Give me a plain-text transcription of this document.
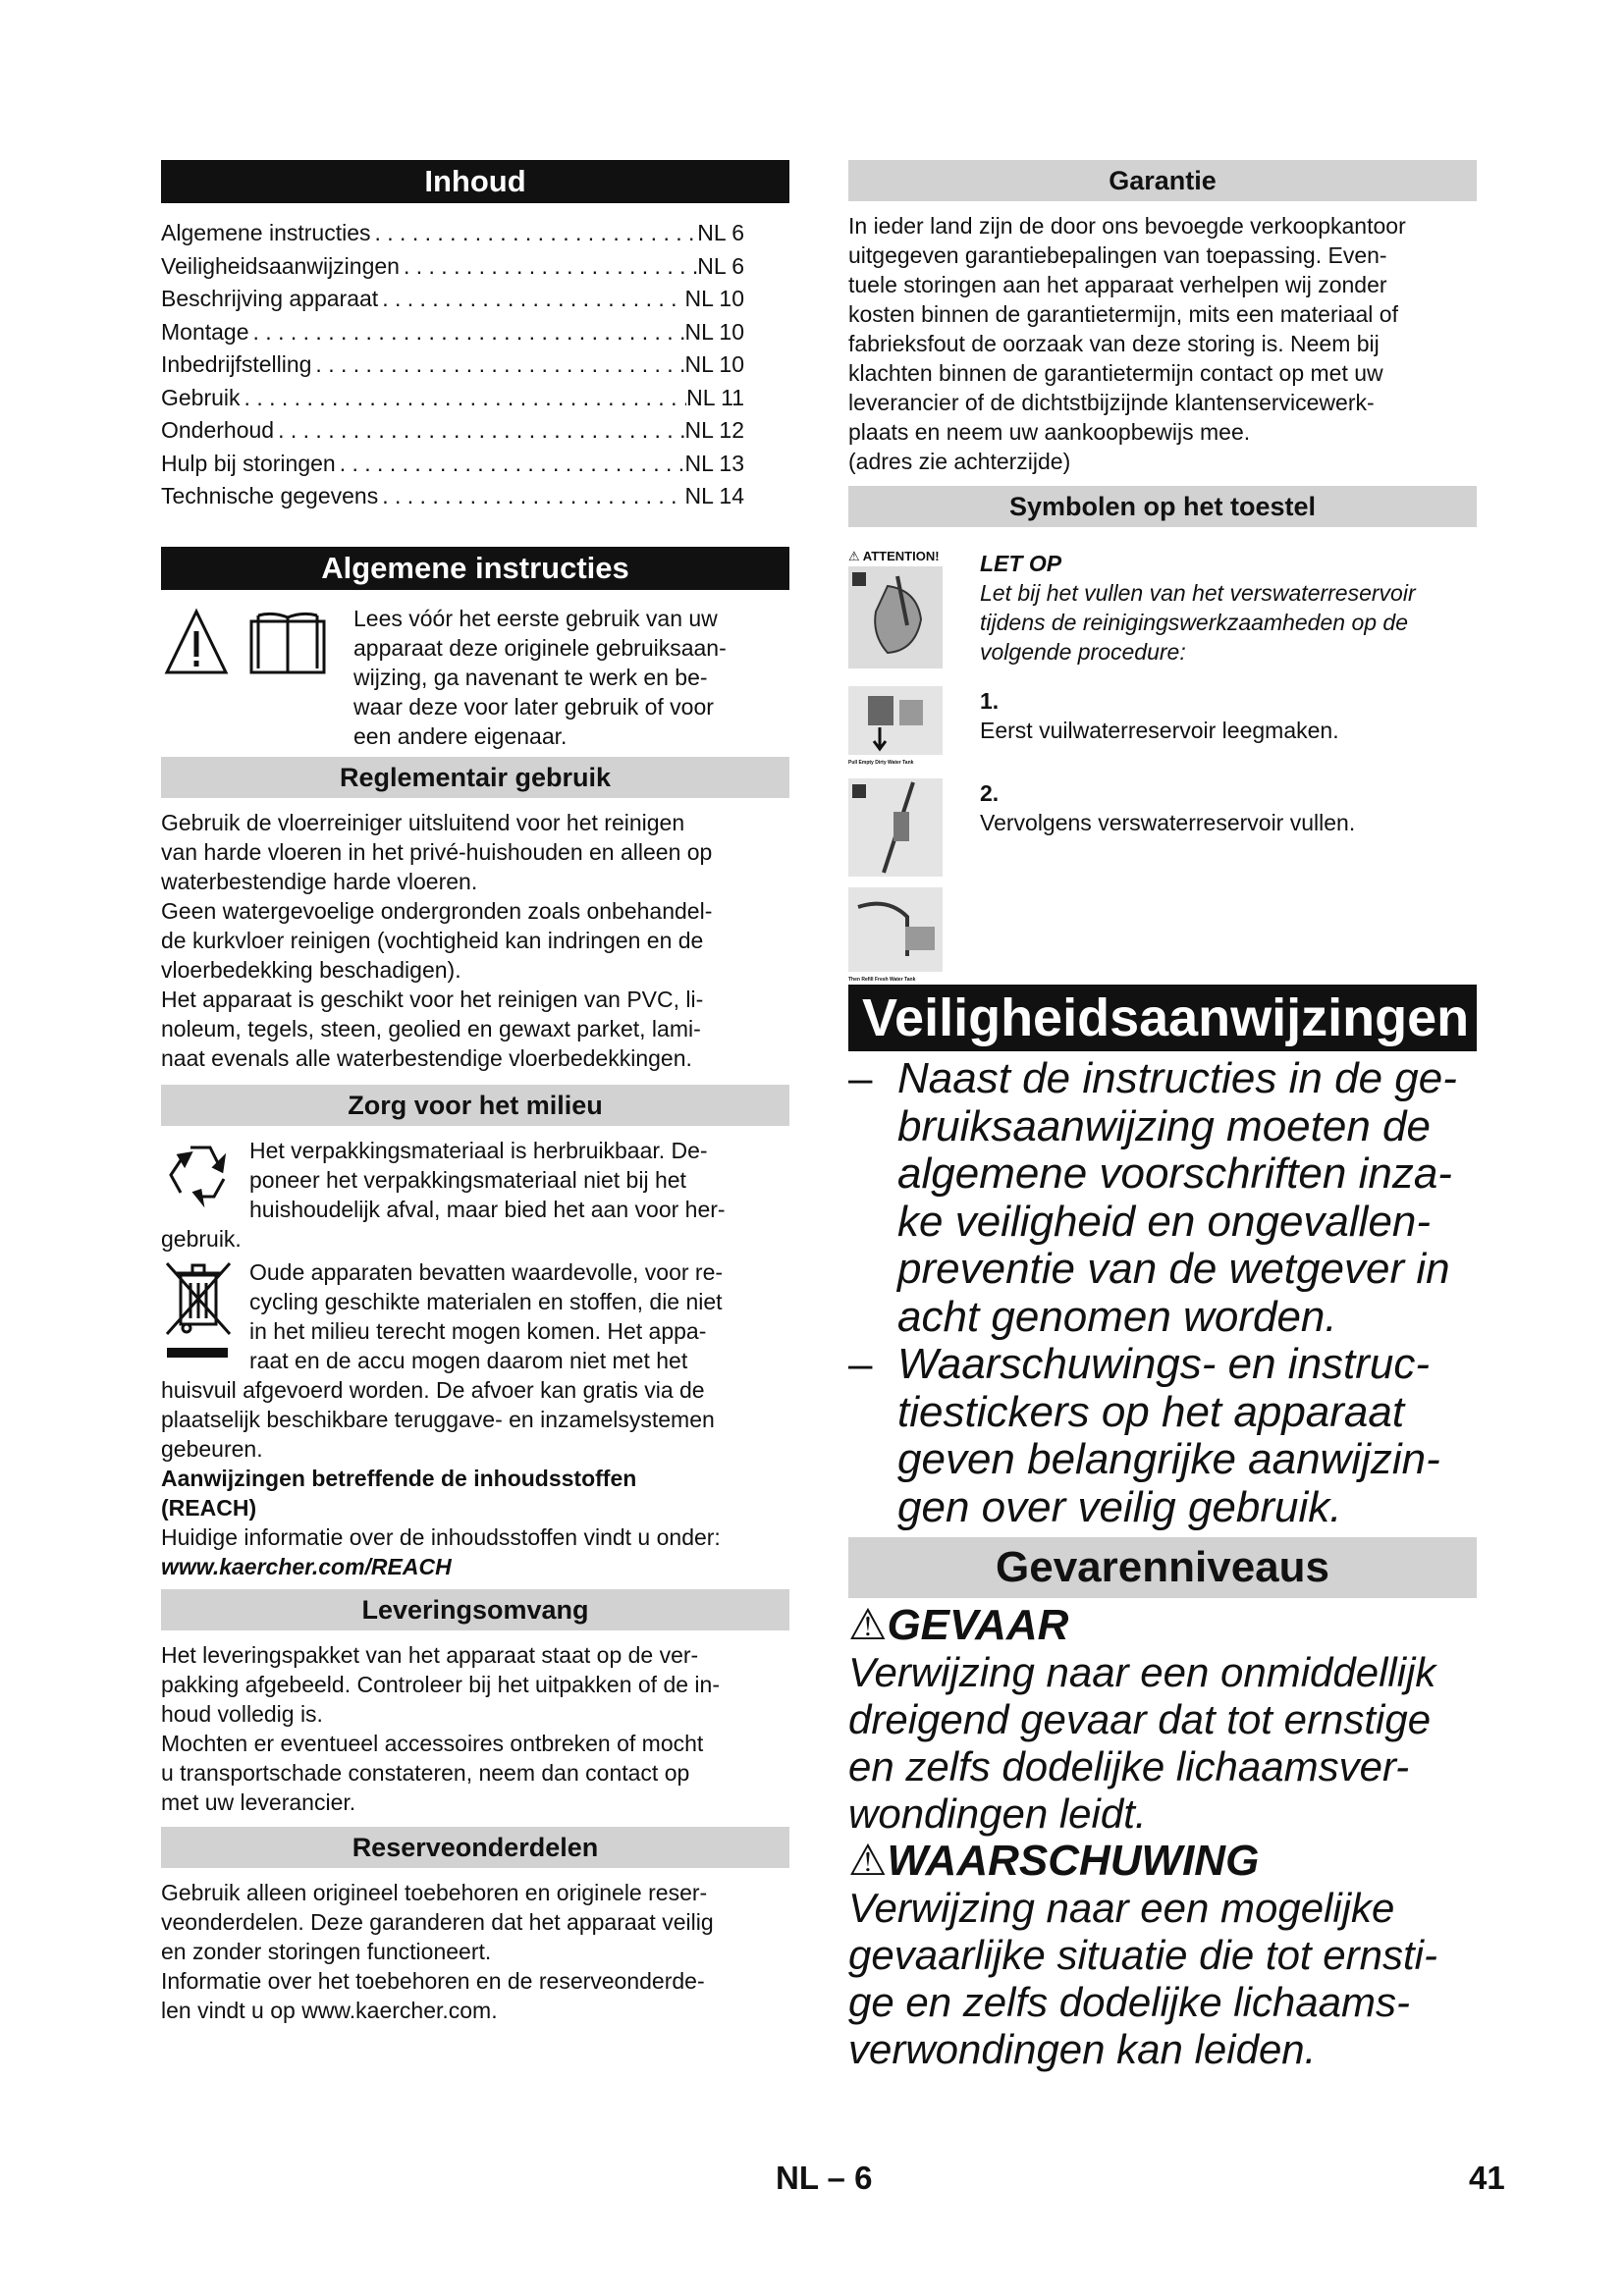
Inhoud
Algemene instructies . . .	NL 6
Veiligheidsaanwijzingen . . .	NL 6
Beschrijving apparaat . . .	NL 10
Montage . . .	NL 10
Inbedrijfstelling . . .	NL 10
Gebruik . . .	NL 11
Onderhoud . . .	NL 12
Hulp bij storingen . . .	NL 13
Technische gegevens . . .	NL 14
Algemene instructies

Lees vóór het eerste gebruik van uw

apparaat deze originele gebruiksaan-

wijzing, ga navenant te werk en be-

waar deze voor later gebruik of voor

een andere eigenaar.

Reglementair gebruik

Gebruik de vloerreiniger uitsluitend voor het reinigen

van harde vloeren in het privé-huishouden en alleen op

waterbestendige harde vloeren.

Geen watergevoelige ondergronden zoals onbehandel-

de kurkvloer reinigen (vochtigheid kan indringen en de

vloerbedekking beschadigen).

Het apparaat is geschikt voor het reinigen van PVC, li-

noleum, tegels, steen, geolied en gewaxt parket, lami-

naat evenals alle waterbestendige vloerbedekkingen.

Zorg voor het milieu

Het verpakkingsmateriaal is herbruikbaar. De-

poneer het verpakkingsmateriaal niet bij het

huishoudelijk afval, maar bied het aan voor her-

gebruik.

Oude apparaten bevatten waardevolle, voor re-

cycling geschikte materialen en stoffen, die niet

in het milieu terecht mogen komen. Het appa-

raat en de accu mogen daarom niet met het

huisvuil afgevoerd worden. De afvoer kan gratis via de

plaatselijk beschikbare teruggave- en inzamelsystemen

gebeuren.

Aanwijzingen betreffende de inhoudsstoffen

(REACH)

Huidige informatie over de inhoudsstoffen vindt u onder:

www.kaercher.com/REACH

Leveringsomvang

Het leveringspakket van het apparaat staat op de ver-

pakking afgebeeld. Controleer bij het uitpakken of de in-

houd volledig is.

Mochten er eventueel accessoires ontbreken of mocht

u transportschade constateren, neem dan contact op

met uw leverancier.

Reserveonderdelen

Gebruik alleen origineel toebehoren en originele reser-

veonderdelen. Deze garanderen dat het apparaat veilig

en zonder storingen functioneert.

Informatie over het toebehoren en de reserveonderde-

len vindt u op www.kaercher.com.

Garantie

In ieder land zijn de door ons bevoegde verkoopkantoor

uitgegeven garantiebepalingen van toepassing. Even-

tuele storingen aan het apparaat verhelpen wij zonder

kosten binnen de garantietermijn, mits een materiaal of

fabrieksfout de oorzaak van deze storing is. Neem bij

klachten binnen de garantietermijn contact op met uw

leverancier of de dichtstbijzijnde klantenservicewerk-

plaats en neem uw aankoopbewijs mee.

(adres zie achterzijde)

Symbolen op het toestel
⚠ ATTENTION!	LET OP

Let bij het vullen van het verswaterreservoir

tijdens de reinigingswerkzaamheden op de

volgende procedure:

Pull Empty Dirty Water Tank

1.

Eerst vuilwaterreservoir leegmaken.

Then Refill Fresh Water Tank

2.

Vervolgens verswaterreservoir vullen.

Veiligheidsaanwijzingen
– Naast de instructies in de ge-
bruiksaanwijzing moeten de
algemene voorschriften inza-
ke veiligheid en ongevallen-
preventie van de wetgever in
acht genomen worden.
– Waarschuwings- en instruc-
tiestickers op het apparaat
geven belangrijke aanwijzin-
gen over veilig gebruik.
Gevarenniveaus
⚠GEVAAR
Verwijzing naar een onmiddellijk
dreigend gevaar dat tot ernstige
en zelfs dodelijke lichaamsver-
wondingen leidt.
⚠WAARSCHUWING
Verwijzing naar een mogelijke
gevaarlijke situatie die tot ernsti-
ge en zelfs dodelijke lichaams-
verwondingen kan leiden.
NL – 6	41
